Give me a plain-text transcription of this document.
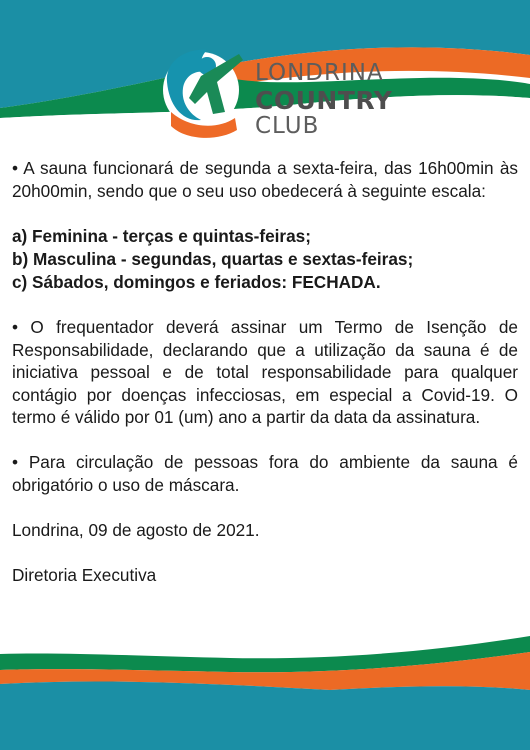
LONDRINA
COUNTRY
CLUB

• A sauna funcionará de segunda a sexta-feira, das 16h00min às 20h00min, sendo que o seu uso obedecerá à seguinte escala:

a) Feminina - terças e quintas-feiras;

b) Masculina - segundas, quartas e sextas-feiras;

c) Sábados, domingos e feriados: FECHADA.

• O frequentador deverá assinar um Termo de Isenção de Responsabilidade, declarando que a utilização da sauna é de iniciativa pessoal e de total responsabilidade para qualquer contágio por doenças infecciosas, em especial a Covid-19. O termo é válido por 01 (um) ano a partir da data da assinatura.

• Para circulação de pessoas fora do ambiente da sauna é obrigatório o uso de máscara.

Londrina, 09 de agosto de 2021.

Diretoria Executiva
